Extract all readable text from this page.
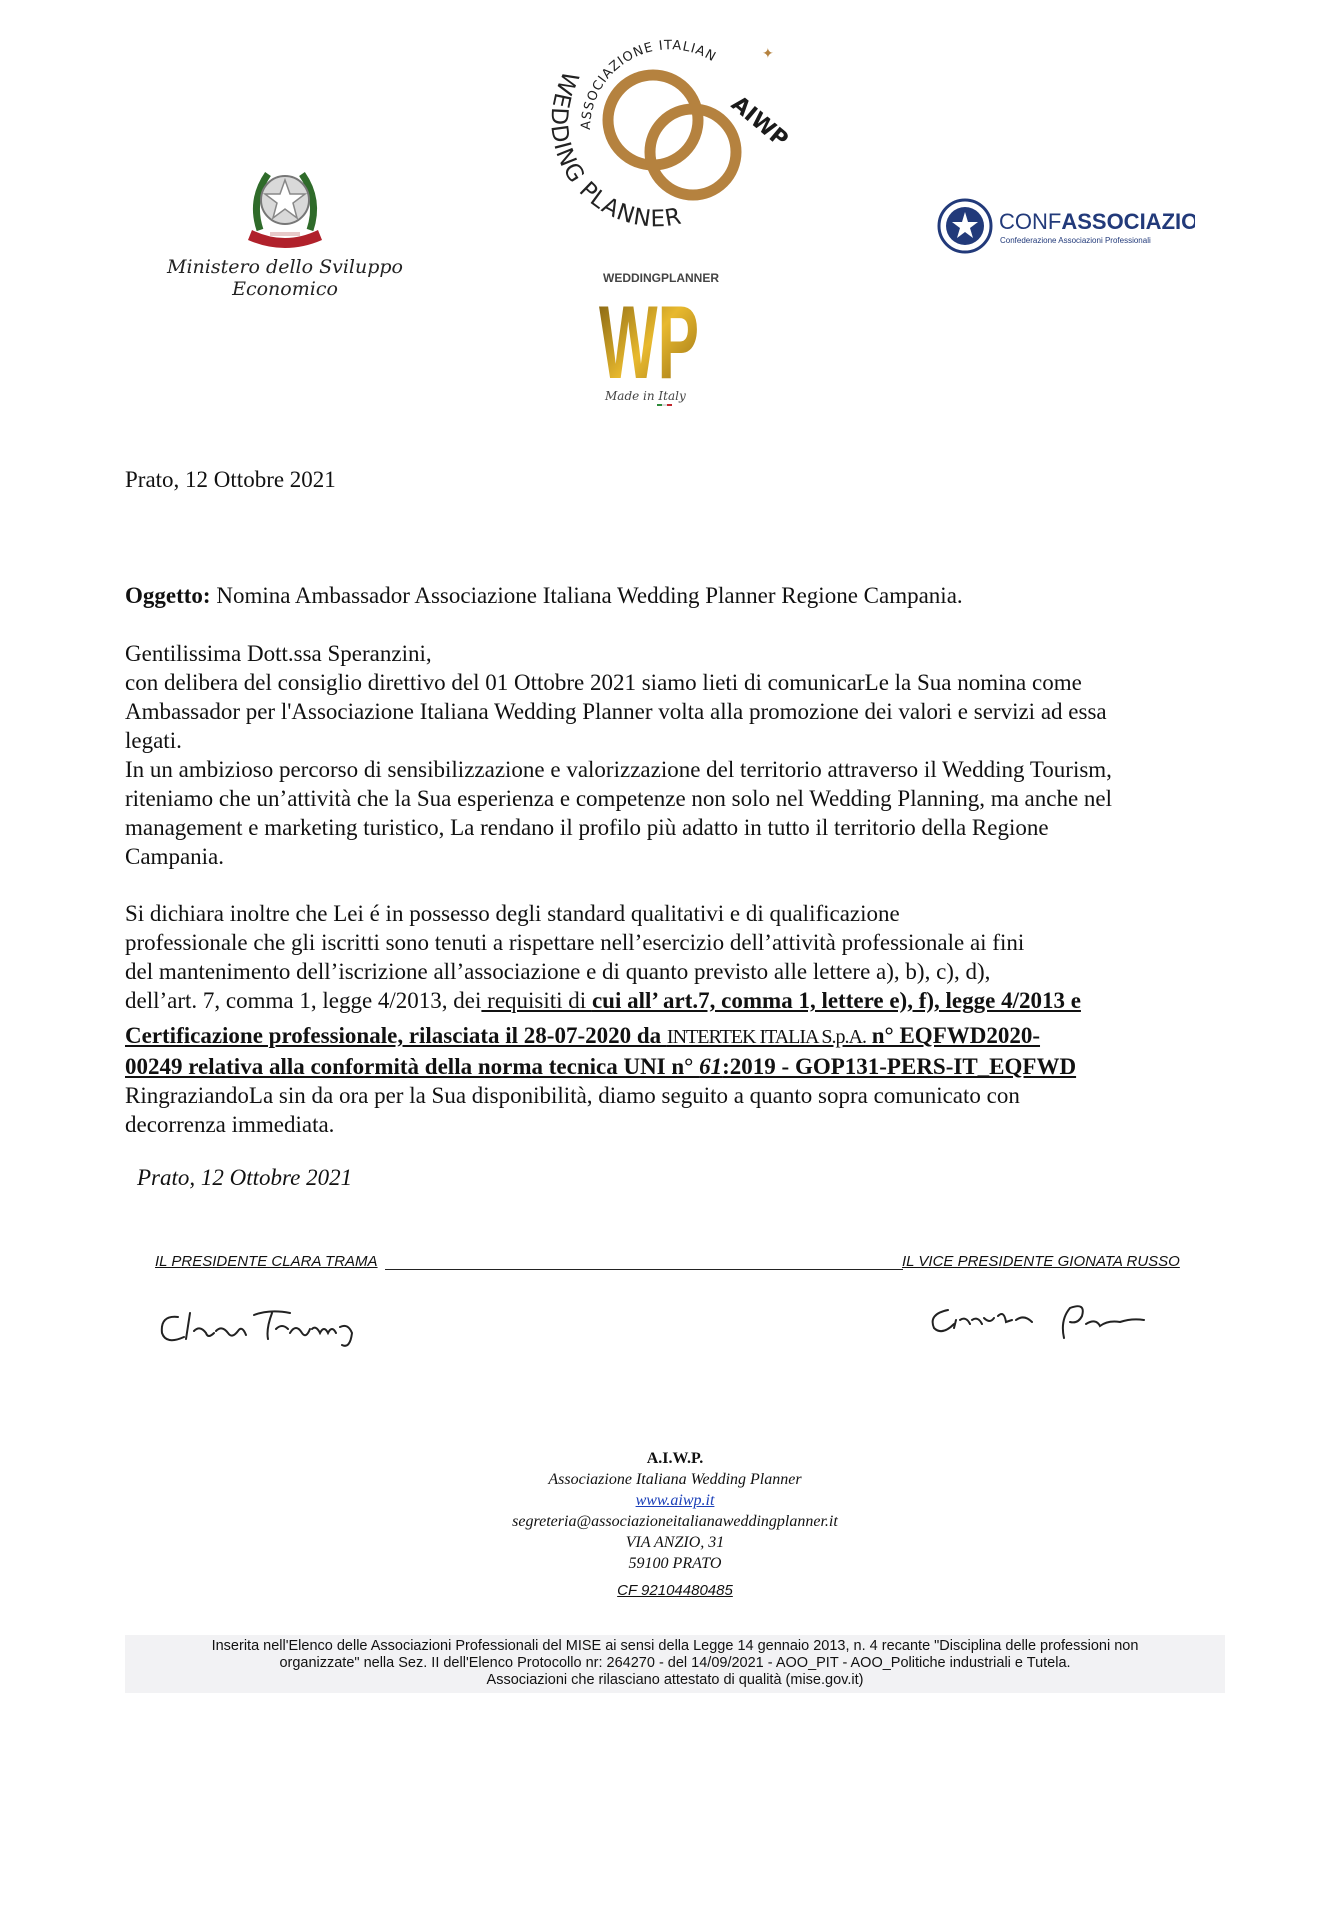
Ministero dello Sviluppo Economico
ASSOCIAZIONE ITALIAN
WEDDING PLANNER
AIWP
✦
CONFASSOCIAZIO
Confederazione Associazioni Professionali
WEDDINGPLANNER
WP
Made in Italy
Prato, 12 Ottobre 2021
Oggetto: Nomina Ambassador Associazione Italiana Wedding Planner Regione Campania.
Gentilissima Dott.ssa Speranzini,
con delibera del consiglio direttivo del 01 Ottobre 2021 siamo lieti di comunicarLe la Sua nomina come
Ambassador per l'Associazione Italiana Wedding Planner volta alla promozione dei valori e servizi ad essa
legati.
In un ambizioso percorso di sensibilizzazione e valorizzazione del territorio attraverso il Wedding Tourism,
riteniamo che un’attività che la Sua esperienza e competenze non solo nel Wedding Planning, ma anche nel
management e marketing turistico, La rendano il profilo più adatto in tutto il territorio della Regione
Campania.
Si dichiara inoltre che Lei é in possesso degli standard qualitativi e di qualificazione
professionale che gli iscritti sono tenuti a rispettare nell’esercizio dell’attività professionale ai fini
del mantenimento dell’iscrizione all’associazione e di quanto previsto alle lettere a), b), c), d),
dell’art. 7, comma 1, legge 4/2013, dei requisiti di cui all’ art.7, comma 1, lettere e), f), legge 4/2013 e
Certificazione professionale, rilasciata il 28-07-2020 da INTERTEK ITALIA S.p.A. n° EQFWD2020-
00249 relativa alla conformità della norma tecnica UNI n° 61:2019 - GOP131-PERS-IT_EQFWD
RingraziandoLa sin da ora per la Sua disponibilità, diamo seguito a quanto sopra comunicato con
decorrenza immediata.
Prato, 12 Ottobre 2021
IL PRESIDENTE CLARA TRAMA	IL VICE PRESIDENTE GIONATA RUSSO
A.I.W.P.
Associazione Italiana Wedding Planner
www.aiwp.it
segreteria@associazioneitalianaweddingplanner.it
VIA ANZIO, 31
59100 PRATO
CF 92104480485
Inserita nell'Elenco delle Associazioni Professionali del MISE ai sensi della Legge 14 gennaio 2013, n. 4 recante "Disciplina delle professioni non
organizzate" nella Sez. II dell'Elenco Protocollo nr: 264270 - del 14/09/2021 - AOO_PIT - AOO_Politiche industriali e Tutela.
Associazioni che rilasciano attestato di qualità (mise.gov.it)
